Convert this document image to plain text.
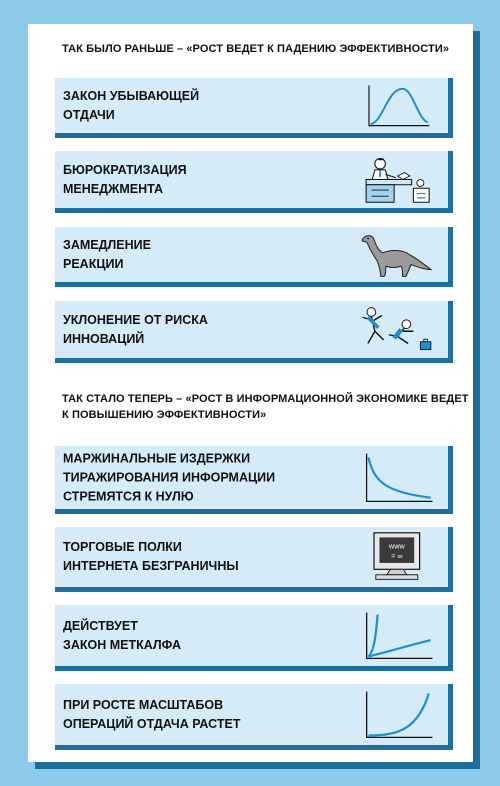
ТАК БЫЛО РАНЬШЕ – «РОСТ ВЕДЕТ К ПАДЕНИЮ ЭФФЕКТИВНОСТИ»
ЗАКОН УБЫВАЮЩЕЙ
ОТДАЧИ
БЮРОКРАТИЗАЦИЯ
МЕНЕДЖМЕНТА
ЗАМЕДЛЕНИЕ
РЕАКЦИИ
УКЛОНЕНИЕ ОТ РИСКА
ИННОВАЦИЙ
ТАК СТАЛО ТЕПЕРЬ – «РОСТ В ИНФОРМАЦИОННОЙ ЭКОНОМИКЕ ВЕДЕТ К ПОВЫШЕНИЮ ЭФФЕКТИВНОСТИ»
МАРЖИНАЛЬНЫЕ ИЗДЕРЖКИ
ТИРАЖИРОВАНИЯ ИНФОРМАЦИИ
СТРЕМЯТСЯ К НУЛЮ
ТОРГОВЫЕ ПОЛКИ
ИНТЕРНЕТА БЕЗГРАНИЧНЫ
www
= ∞
ДЕЙСТВУЕТ
ЗАКОН МЕТКАЛФА
ПРИ РОСТЕ МАСШТАБОВ
ОПЕРАЦИЙ ОТДАЧА РАСТЕТ
